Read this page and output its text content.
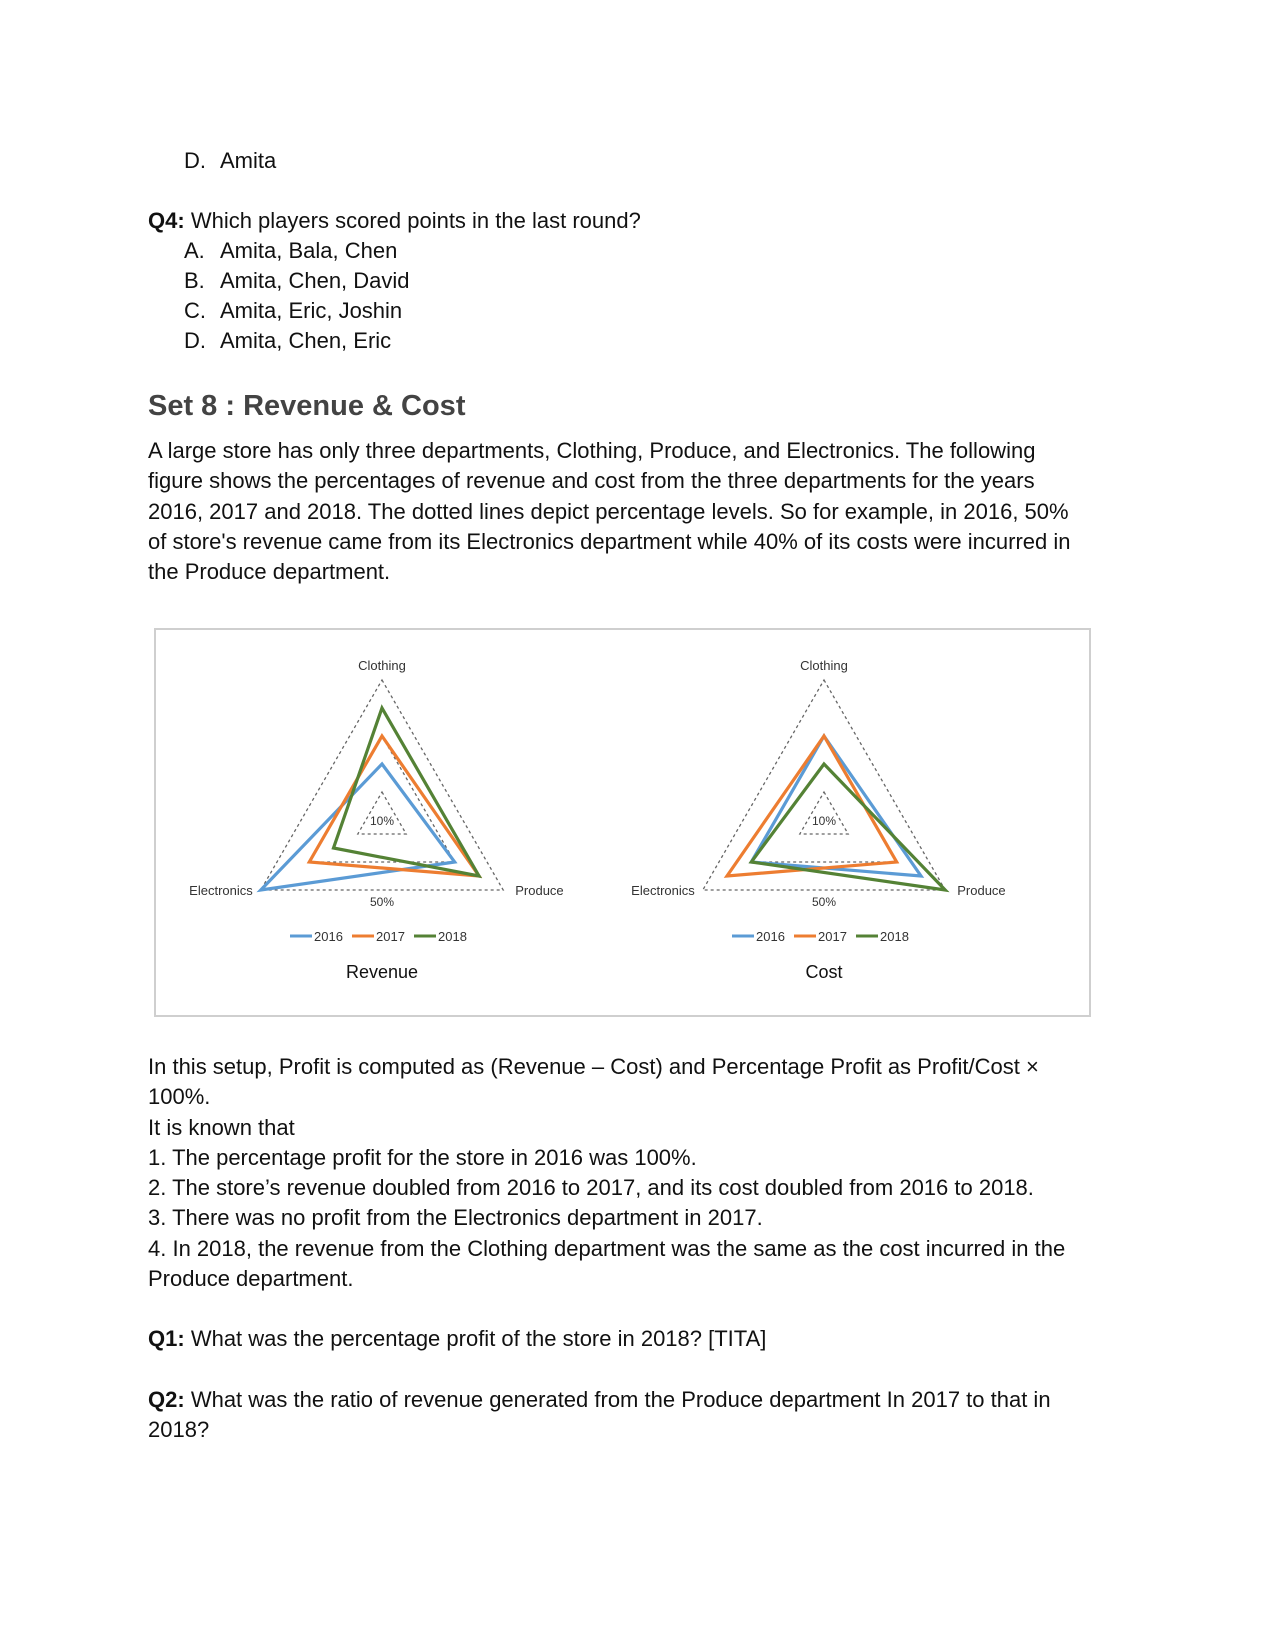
D. Amita
Q4: Which players scored points in the last round?
A. Amita, Bala, Chen
B. Amita, Chen, David
C. Amita, Eric, Joshin
D. Amita, Chen, Eric
Set 8 : Revenue & Cost
A large store has only three departments, Clothing, Produce, and Electronics. The following
figure shows the percentages of revenue and cost from the three departments for the years
2016, 2017 and 2018. The dotted lines depict percentage levels. So for example, in 2016, 50%
of store's revenue came from its Electronics department while 40% of its costs were incurred in
the Produce department.
Clothing
Produce
Electronics
10%
50%
2016	2017	2018
Revenue
Clothing
Produce
Electronics
10%
50%
2016	2017	2018
Cost
In this setup, Profit is computed as (Revenue – Cost) and Percentage Profit as Profit/Cost ×
100%.
It is known that
1. The percentage profit for the store in 2016 was 100%.
2. The store’s revenue doubled from 2016 to 2017, and its cost doubled from 2016 to 2018.
3. There was no profit from the Electronics department in 2017.
4. In 2018, the revenue from the Clothing department was the same as the cost incurred in the
Produce department.
Q1: What was the percentage profit of the store in 2018? [TITA]
Q2: What was the ratio of revenue generated from the Produce department In 2017 to that in
2018?
